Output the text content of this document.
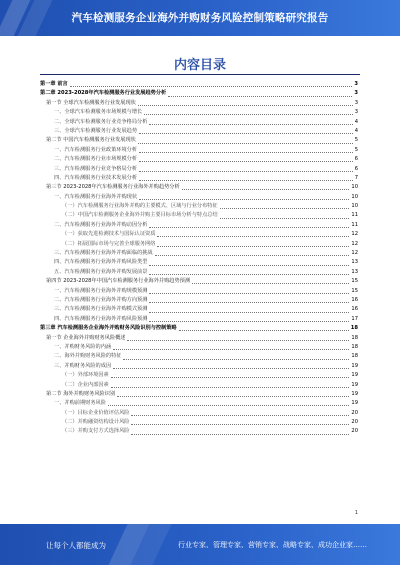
汽车检测服务企业海外并购财务风险控制策略研究报告
内容目录
第一章 前言	3
第二章 2023-2028年汽车检测服务行业发展趋势分析	3
第一节 全球汽车检测服务行业发展现状	3
一、全球汽车检测服务市场规模与增长	3
二、全球汽车检测服务行业竞争格局分析	4
三、全球汽车检测服务行业发展趋势	4
第二节 中国汽车检测服务行业发展现状	5
一、汽车检测服务行业政策环境分析	5
二、汽车检测服务行业市场规模分析	6
三、汽车检测服务行业竞争格局分析	6
四、汽车检测服务行业技术发展分析	7
第三节 2023-2028年汽车检测服务行业海外并购趋势分析	10
一、汽车检测服务行业海外并购现状	10
（一）汽车检测服务行业海外并购的主要模式、区域与行业分布特征	10
（二）中国汽车检测服务企业海外并购主要目标市场分析与特点总结	11
二、汽车检测服务行业海外并购动因分析	11
（一）获取先进检测技术与国际认证资质	12
（二）拓展国际市场与完善全球服务网络	12
三、汽车检测服务行业海外并购面临的挑战	12
四、汽车检测服务行业海外并购风险类型	13
五、汽车检测服务行业海外并购发展前景	13
第四节 2023-2028年中国汽车检测服务行业海外并购趋势预测	15
一、汽车检测服务行业海外并购规模预测	15
二、汽车检测服务行业海外并购方向预测	16
三、汽车检测服务行业海外并购模式预测	16
四、汽车检测服务行业海外并购风险预测	17
第三章 汽车检测服务企业海外并购财务风险识别与控制策略	18
第一节 企业海外并购财务风险概述	18
一、并购财务风险的内涵	18
二、海外并购财务风险的特征	18
三、并购财务风险的成因	19
（一）外部环境因素	19
（二）企业内部因素	19
第二节 海外并购财务风险识别	19
一、并购前期财务风险	19
（一）目标企业价值评估风险	20
（二）并购融资结构设计风险	20
（三）并购支付方式选择风险	20
1
让每个人都能成为	行业专家、管理专家、营销专家、战略专家、成功企业家……
